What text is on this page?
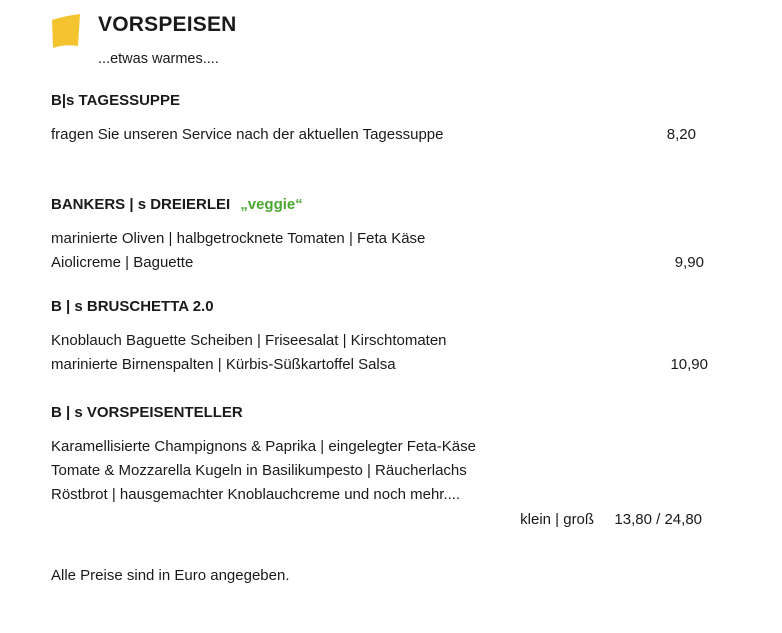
VORSPEISEN
...etwas warmes....
B|s TAGESSUPPE
fragen Sie unseren Service nach der aktuellen Tagessuppe	8,20
BANKERS | s DREIERLEI „veggie“
marinierte Oliven | halbgetrocknete Tomaten | Feta Käse
Aiolicreme | Baguette	9,90
B | s BRUSCHETTA 2.0
Knoblauch Baguette Scheiben | Friseesalat | Kirschtomaten
marinierte Birnenspalten | Kürbis-Süßkartoffel Salsa	10,90
B | s VORSPEISENTELLER
Karamellisierte Champignons & Paprika | eingelegter Feta-Käse
Tomate & Mozzarella Kugeln in Basilikumpesto | Räucherlachs
Röstbrot | hausgemachter Knoblauchcreme und noch mehr....
klein | groß 13,80 / 24,80
Alle Preise sind in Euro angegeben.
